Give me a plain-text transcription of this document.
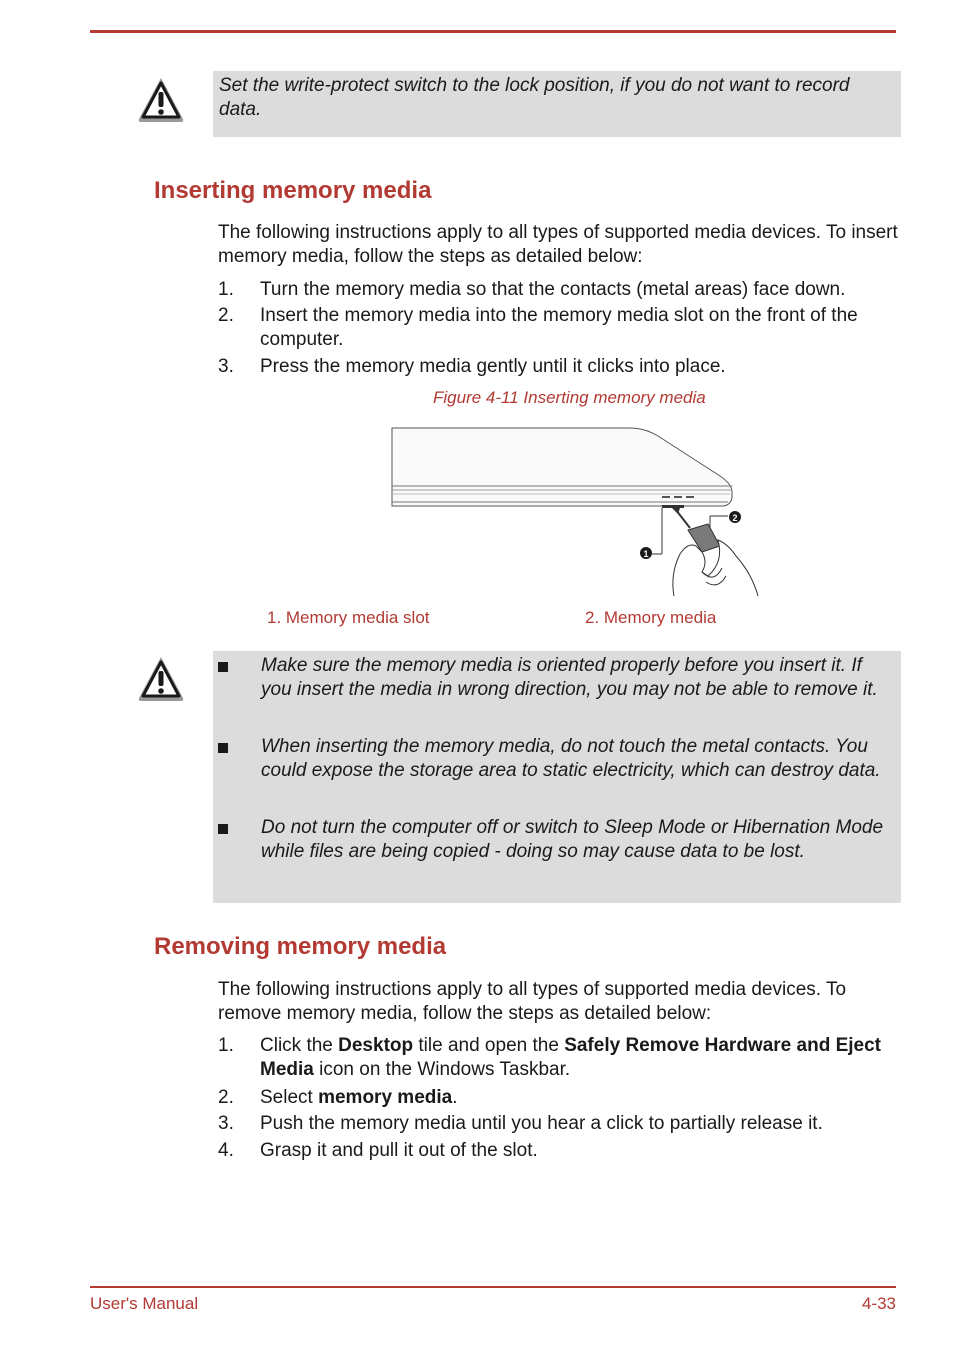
Set the write-protect switch to the lock position, if you do not want to record data.
Inserting memory media
The following instructions apply to all types of supported media devices. To insert memory media, follow the steps as detailed below:
1. Turn the memory media so that the contacts (metal areas) face down.
2. Insert the memory media into the memory media slot on the front of the computer.
3. Press the memory media gently until it clicks into place.
Figure 4-11 Inserting memory media
1
2
1. Memory media slot	2. Memory media
Make sure the memory media is oriented properly before you insert it. If you insert the media in wrong direction, you may not be able to remove it.
When inserting the memory media, do not touch the metal contacts. You could expose the storage area to static electricity, which can destroy data.
Do not turn the computer off or switch to Sleep Mode or Hibernation Mode while files are being copied - doing so may cause data to be lost.
Removing memory media
The following instructions apply to all types of supported media devices. To remove memory media, follow the steps as detailed below:
1. Click the Desktop tile and open the Safely Remove Hardware and Eject Media icon on the Windows Taskbar.
2. Select memory media.
3. Push the memory media until you hear a click to partially release it.
4. Grasp it and pull it out of the slot.
User's Manual	4-33
